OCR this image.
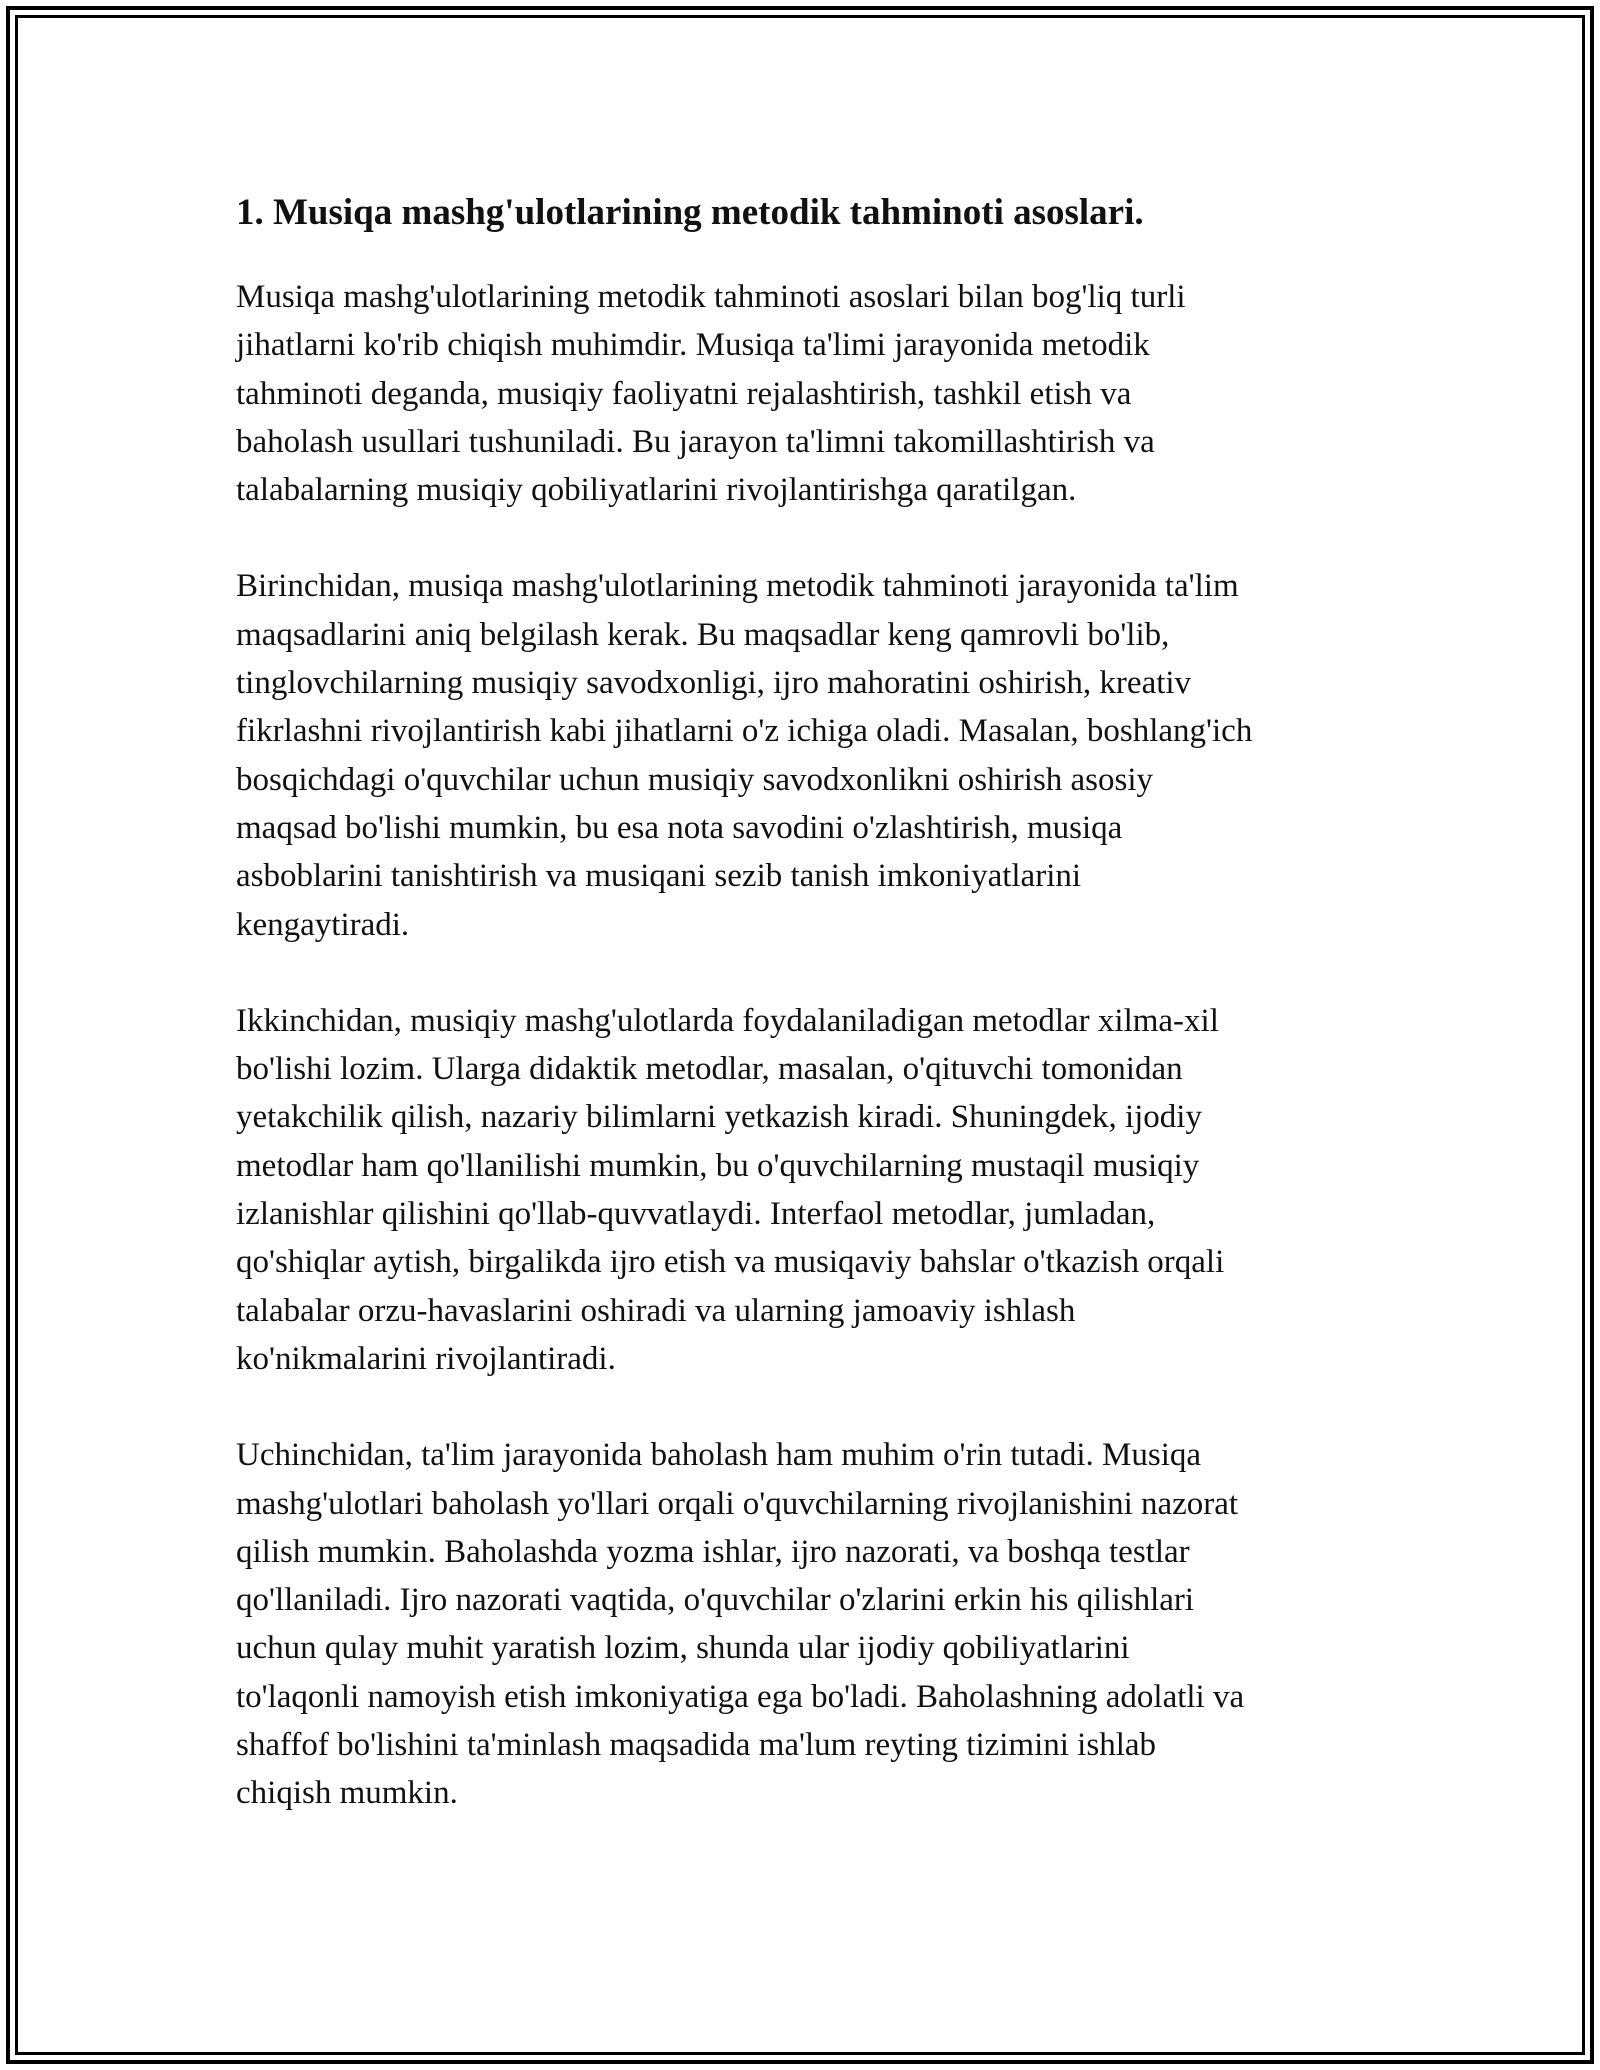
1. Musiqa mashg'ulotlarining metodik tahminoti asoslari.

Musiqa mashg'ulotlarining metodik tahminoti asoslari bilan bog'liq turli
jihatlarni ko'rib chiqish muhimdir. Musiqa ta'limi jarayonida metodik
tahminoti deganda, musiqiy faoliyatni rejalashtirish, tashkil etish va
baholash usullari tushuniladi. Bu jarayon ta'limni takomillashtirish va
talabalarning musiqiy qobiliyatlarini rivojlantirishga qaratilgan.

Birinchidan, musiqa mashg'ulotlarining metodik tahminoti jarayonida ta'lim
maqsadlarini aniq belgilash kerak. Bu maqsadlar keng qamrovli bo'lib,
tinglovchilarning musiqiy savodxonligi, ijro mahoratini oshirish, kreativ
fikrlashni rivojlantirish kabi jihatlarni o'z ichiga oladi. Masalan, boshlang'ich
bosqichdagi o'quvchilar uchun musiqiy savodxonlikni oshirish asosiy
maqsad bo'lishi mumkin, bu esa nota savodini o'zlashtirish, musiqa
asboblarini tanishtirish va musiqani sezib tanish imkoniyatlarini
kengaytiradi.

Ikkinchidan, musiqiy mashg'ulotlarda foydalaniladigan metodlar xilma-xil
bo'lishi lozim. Ularga didaktik metodlar, masalan, o'qituvchi tomonidan
yetakchilik qilish, nazariy bilimlarni yetkazish kiradi. Shuningdek, ijodiy
metodlar ham qo'llanilishi mumkin, bu o'quvchilarning mustaqil musiqiy
izlanishlar qilishini qo'llab-quvvatlaydi. Interfaol metodlar, jumladan,
qo'shiqlar aytish, birgalikda ijro etish va musiqaviy bahslar o'tkazish orqali
talabalar orzu-havaslarini oshiradi va ularning jamoaviy ishlash
ko'nikmalarini rivojlantiradi.

Uchinchidan, ta'lim jarayonida baholash ham muhim o'rin tutadi. Musiqa
mashg'ulotlari baholash yo'llari orqali o'quvchilarning rivojlanishini nazorat
qilish mumkin. Baholashda yozma ishlar, ijro nazorati, va boshqa testlar
qo'llaniladi. Ijro nazorati vaqtida, o'quvchilar o'zlarini erkin his qilishlari
uchun qulay muhit yaratish lozim, shunda ular ijodiy qobiliyatlarini
to'laqonli namoyish etish imkoniyatiga ega bo'ladi. Baholashning adolatli va
shaffof bo'lishini ta'minlash maqsadida ma'lum reyting tizimini ishlab
chiqish mumkin.
